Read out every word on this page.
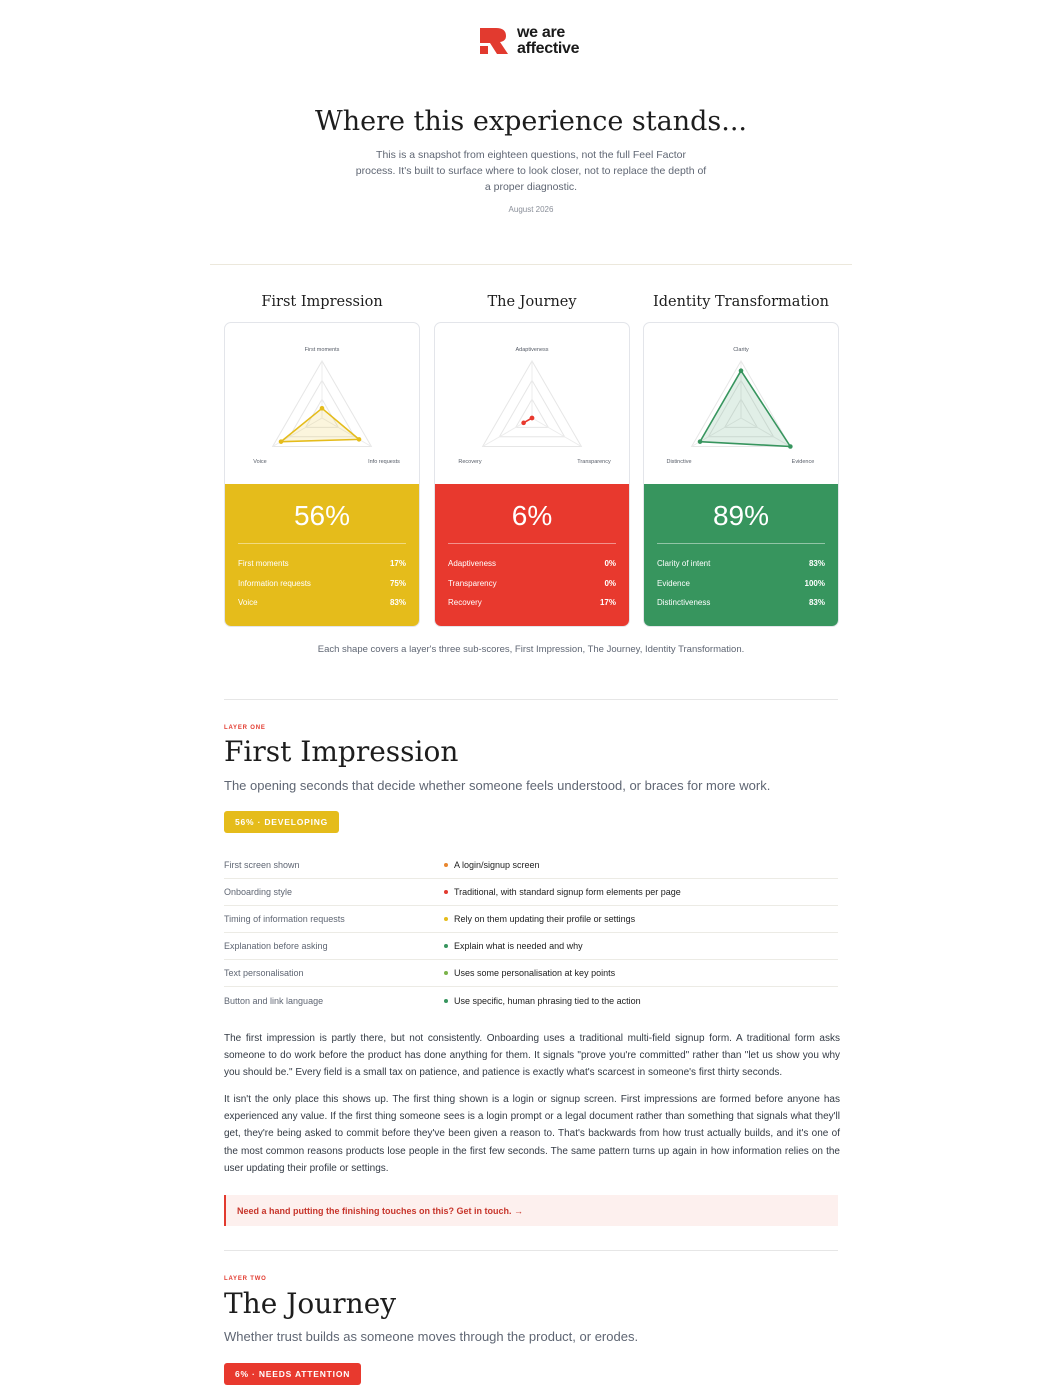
we are
affective
Where this experience stands...

This is a snapshot from eighteen questions, not the full Feel Factor process. It's built to surface where to look closer, not to replace the depth of a proper diagnostic.

August 2026
First Impression
First moments
Info requests
Voice
56%
First moments	17%
Information requests	75%
Voice	83%
The Journey
Adaptiveness
Transparency
Recovery
6%
Adaptiveness	0%
Transparency	0%
Recovery	17%
Identity Transformation
Clarity
Evidence
Distinctive
89%
Clarity of intent	83%
Evidence	100%
Distinctiveness	83%
Each shape covers a layer's three sub-scores, First Impression, The Journey, Identity Transformation.
LAYER ONE
First Impression
The opening seconds that decide whether someone feels understood, or braces for more work.
56% · DEVELOPING
First screen shown	A login/signup screen
Onboarding style	Traditional, with standard signup form elements per page
Timing of information requests	Rely on them updating their profile or settings
Explanation before asking	Explain what is needed and why
Text personalisation	Uses some personalisation at key points
Button and link language	Use specific, human phrasing tied to the action

The first impression is partly there, but not consistently. Onboarding uses a traditional multi-field signup form. A traditional form asks someone to do work before the product has done anything for them. It signals "prove you're committed" rather than "let us show you why you should be." Every field is a small tax on patience, and patience is exactly what's scarcest in someone's first thirty seconds.

It isn't the only place this shows up. The first thing shown is a login or signup screen. First impressions are formed before anyone has experienced any value. If the first thing someone sees is a login prompt or a legal document rather than something that signals what they'll get, they're being asked to commit before they've been given a reason to. That's backwards from how trust actually builds, and it's one of the most common reasons products lose people in the first few seconds. The same pattern turns up again in how information relies on the user updating their profile or settings.

Need a hand putting the finishing touches on this? Get in touch. →
LAYER TWO
The Journey
Whether trust builds as someone moves through the product, or erodes.
6% · NEEDS ATTENTION
